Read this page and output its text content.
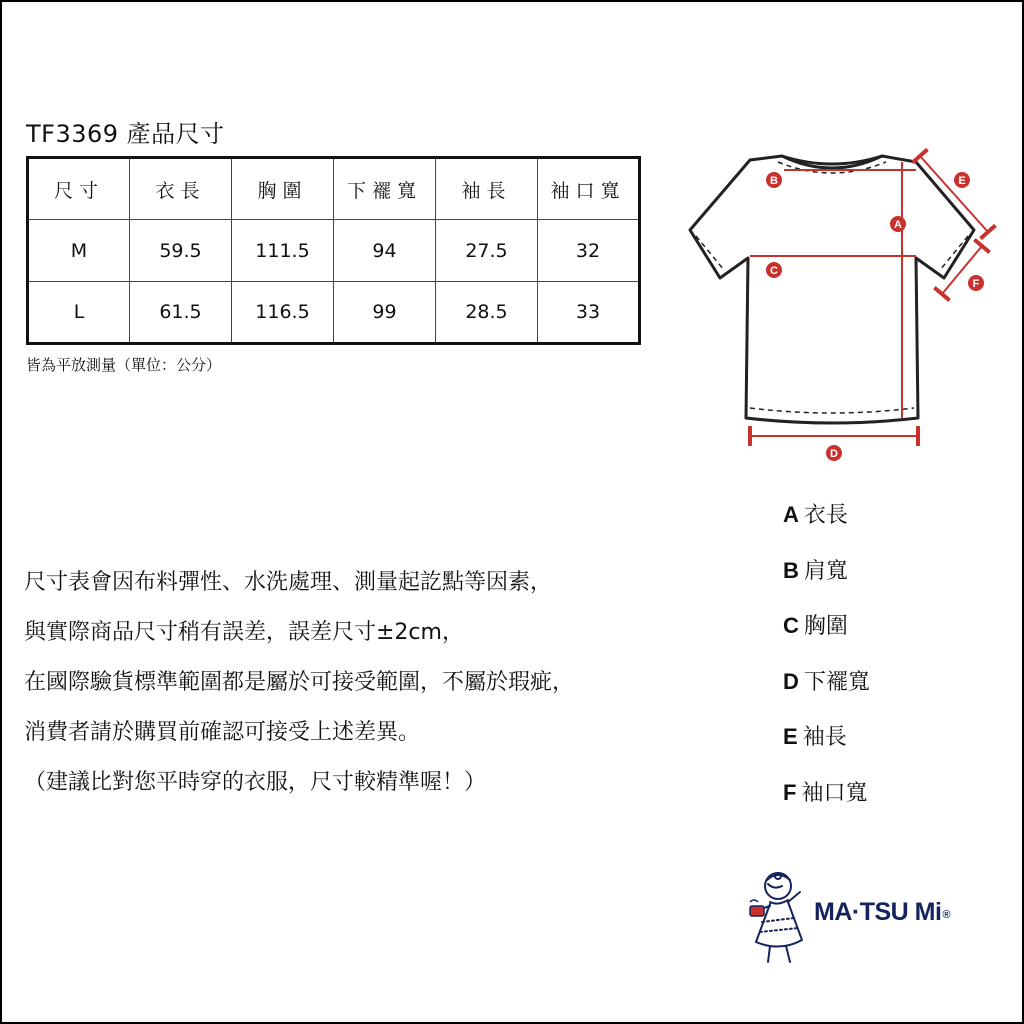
TF3369 產品尺寸
尺寸	衣長	胸圍	下襬寬	袖長	袖口寬
M	59.5	111.5	94	27.5	32
L	61.5	116.5	99	28.5	33
皆為平放測量（單位：公分）
尺寸表會因布料彈性、水洗處理、測量起訖點等因素，
與實際商品尺寸稍有誤差，誤差尺寸±2cm，
在國際驗貨標準範圍都是屬於可接受範圍，不屬於瑕疵，
消費者請於購買前確認可接受上述差異。
（建議比對您平時穿的衣服，尺寸較精準喔！）
A
B
C
D
E
F
A 衣長
B 肩寬
C 胸圍
D 下襬寬
E 袖長
F 袖口寬
MA·TSU Mi®
